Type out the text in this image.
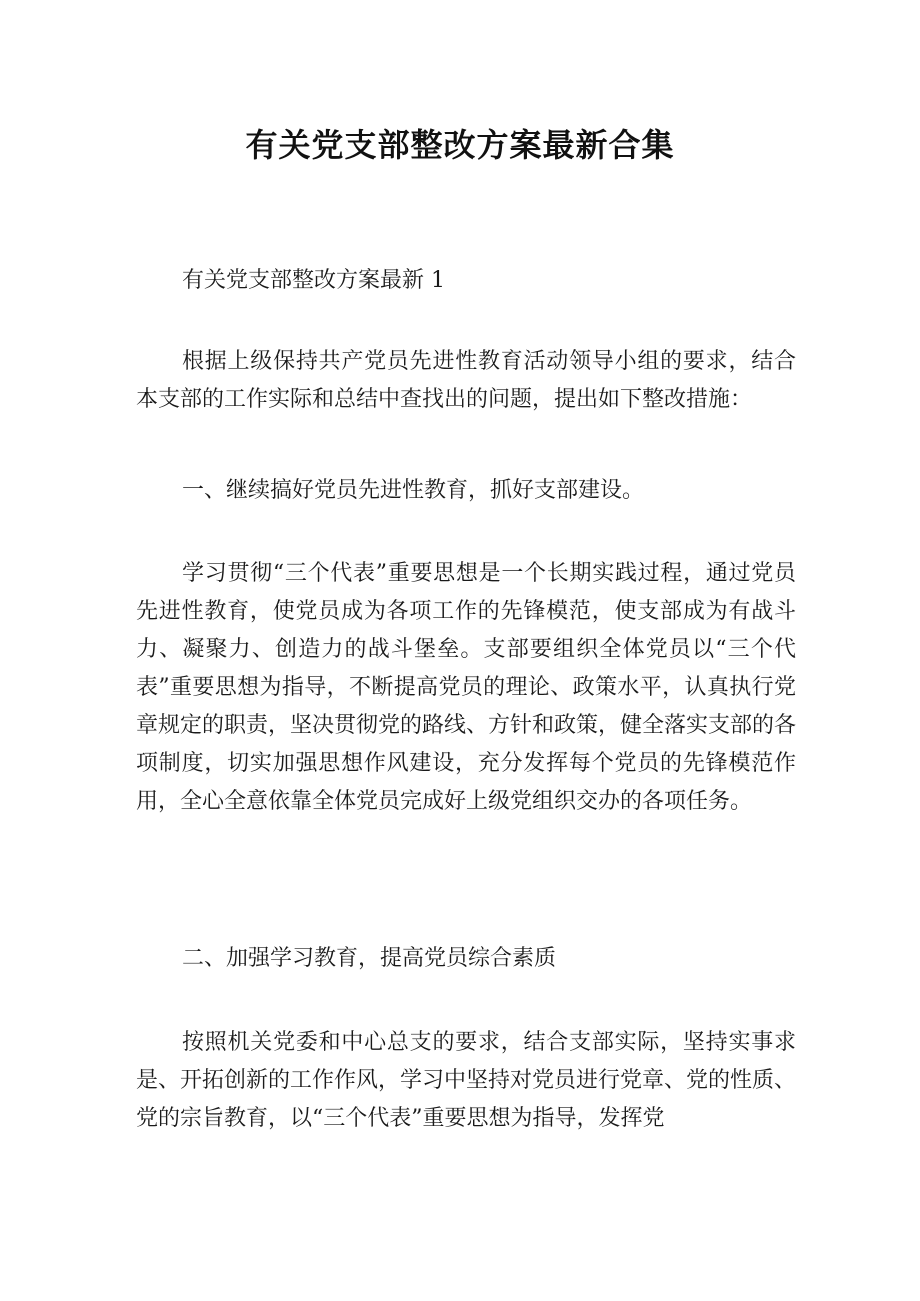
有关党支部整改方案最新合集

有关党支部整改方案最新 1

根据上级保持共产党员先进性教育活动领导小组的要求，结合本支部的工作实际和总结中查找出的问题，提出如下整改措施：

一、继续搞好党员先进性教育，抓好支部建设。

学习贯彻“三个代表”重要思想是一个长期实践过程，通过党员先进性教育，使党员成为各项工作的先锋模范，使支部成为有战斗力、凝聚力、创造力的战斗堡垒。支部要组织全体党员以“三个代表”重要思想为指导，不断提高党员的理论、政策水平，认真执行党章规定的职责，坚决贯彻党的路线、方针和政策，健全落实支部的各项制度，切实加强思想作风建设，充分发挥每个党员的先锋模范作用，全心全意依靠全体党员完成好上级党组织交办的各项任务。

二、加强学习教育，提高党员综合素质

按照机关党委和中心总支的要求，结合支部实际，坚持实事求是、开拓创新的工作作风，学习中坚持对党员进行党章、党的性质、党的宗旨教育，以“三个代表”重要思想为指导，发挥党
